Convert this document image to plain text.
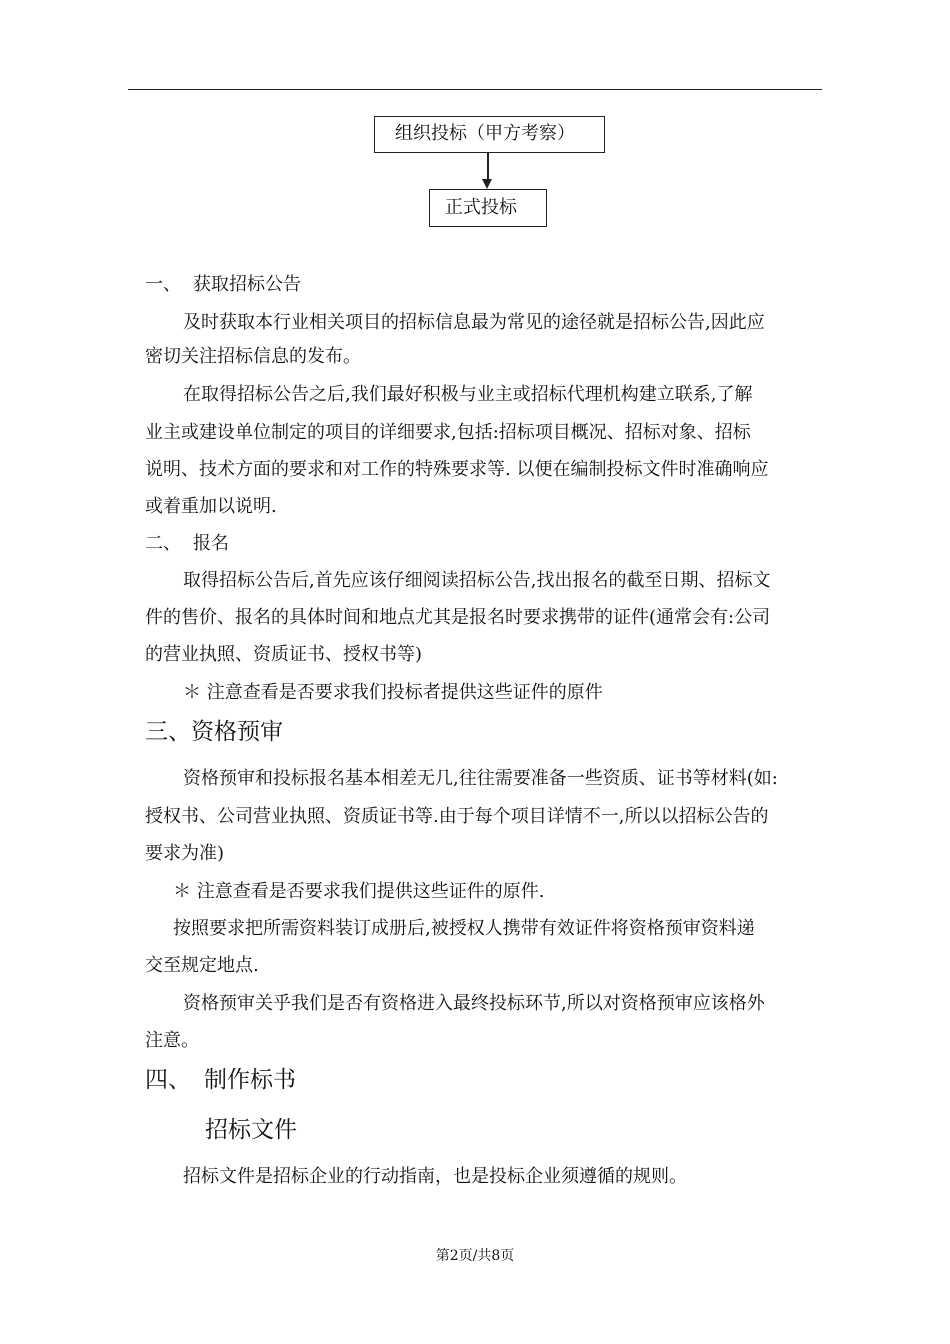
组织投标（甲方考察）
正式投标
一、 获取招标公告
及时获取本行业相关项目的招标信息最为常见的途径就是招标公告,因此应
密切关注招标信息的发布。
在取得招标公告之后,我们最好积极与业主或招标代理机构建立联系,了解
业主或建设单位制定的项目的详细要求,包括:招标项目概况、招标对象、招标
说明、技术方面的要求和对工作的特殊要求等. 以便在编制投标文件时准确响应
或着重加以说明.
二、 报名
取得招标公告后,首先应该仔细阅读招标公告,找出报名的截至日期、招标文
件的售价、报名的具体时间和地点尤其是报名时要求携带的证件(通常会有:公司
的营业执照、资质证书、授权书等)
＊ 注意查看是否要求我们投标者提供这些证件的原件
三、资格预审
资格预审和投标报名基本相差无几,往往需要准备一些资质、证书等材料(如:
授权书、公司营业执照、资质证书等.由于每个项目详情不一,所以以招标公告的
要求为准)
＊ 注意查看是否要求我们提供这些证件的原件.
按照要求把所需资料装订成册后,被授权人携带有效证件将资格预审资料递
交至规定地点.
资格预审关乎我们是否有资格进入最终投标环节,所以对资格预审应该格外
注意。
四、 制作标书
招标文件
招标文件是招标企业的行动指南，也是投标企业须遵循的规则。
第2页/共8页
